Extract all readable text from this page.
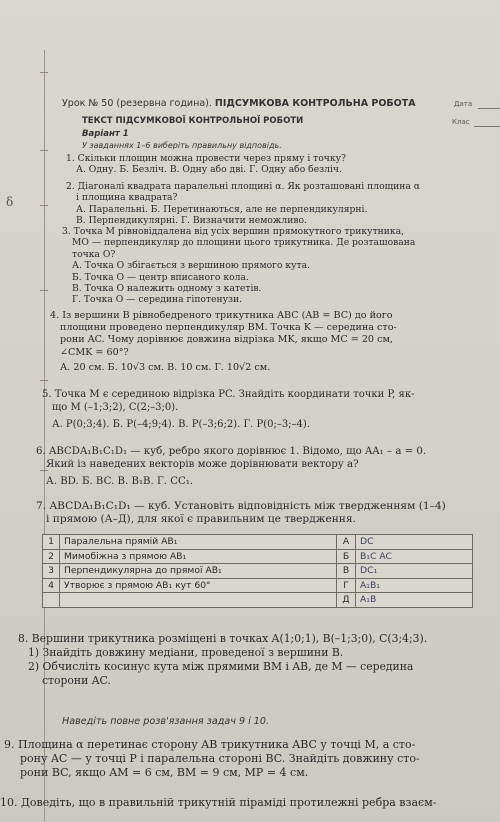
δ
Урок № 50 (резервна година). ПІДСУМКОВА КОНТРОЛЬНА РОБОТА	Дата
Клас
ТЕКСТ ПІДСУМКОВОЇ КОНТРОЛЬНОЇ РОБОТИ
Варіант 1
У завданнях 1–6 виберіть правильну відповідь.

1. Скільки площин можна провести через пряму і точку?

А. Одну. Б. Безліч. В. Одну або дві. Г. Одну або безліч.

2. Діагоналі квадрата паралельні площині α. Як розташовані площина α

і площина квадрата?

А. Паралельні. Б. Перетинаються, але не перпендикулярні.

В. Перпендикулярні. Г. Визначити неможливо.

3. Точка M рівновіддалена від усіх вершин прямокутного трикутника,

MO — перпендикуляр до площини цього трикутника. Де розташована

точка O?

А. Точка O збігається з вершиною прямого кута.

Б. Точка O — центр вписаного кола.

В. Точка O належить одному з катетів.

Г. Точка O — середина гіпотенузи.

4. Із вершини B рівнобедреного трикутника ABC (AB = BC) до його

площини проведено перпендикуляр BM. Точка K — середина сто-

рони AC. Чому дорівнює довжина відрізка MK, якщо MC = 20 см,

∠CMK = 60°?

А. 20 см. Б. 10√3 см. В. 10 см. Г. 10√2 см.

5. Точка M є серединою відрізка PC. Знайдіть координати точки P, як-

що M (–1;3;2), C(2;–3;0).

А. P(0;3;4). Б. P(–4;9;4). В. P(–3;6;2). Г. P(0;–3;–4).

6. ABCDA₁B₁C₁D₁ — куб, ребро якого дорівнює 1. Відомо, що AA₁ – a = 0.

Який із наведених векторів може дорівнювати вектору a?

А. BD. Б. BC. В. B₁B. Г. CC₁.

7. ABCDA₁B₁C₁D₁ — куб. Установіть відповідність між твердженням (1–4)

і прямою (А–Д), для якої є правильним це твердження.

1	Паралельна прямій AB₁	А	DC
2	Мимобіжна з прямою AB₁	Б	B₁C AC
3	Перпендикулярна до прямої AB₁	В	DC₁
4	Утворює з прямою AB₁ кут 60°	Г	A₁B₁
		Д	A₁B

8. Вершини трикутника розміщені в точках A(1;0;1), B(–1;3;0), C(3;4;3).

1) Знайдіть довжину медіани, проведеної з вершини B.

2) Обчисліть косинус кута між прямими BM і AB, де M — середина

сторони AC.

Наведіть повне розв'язання задач 9 і 10.

9. Площина α перетинає сторону AB трикутника ABC у точці M, а сто-

рону AC — у точці P і паралельна стороні BC. Знайдіть довжину сто-

рони BC, якщо AM = 6 см, BM = 9 см, MP = 4 см.

10. Доведіть, що в правильній трикутній піраміді протилежні ребра взаєм-
